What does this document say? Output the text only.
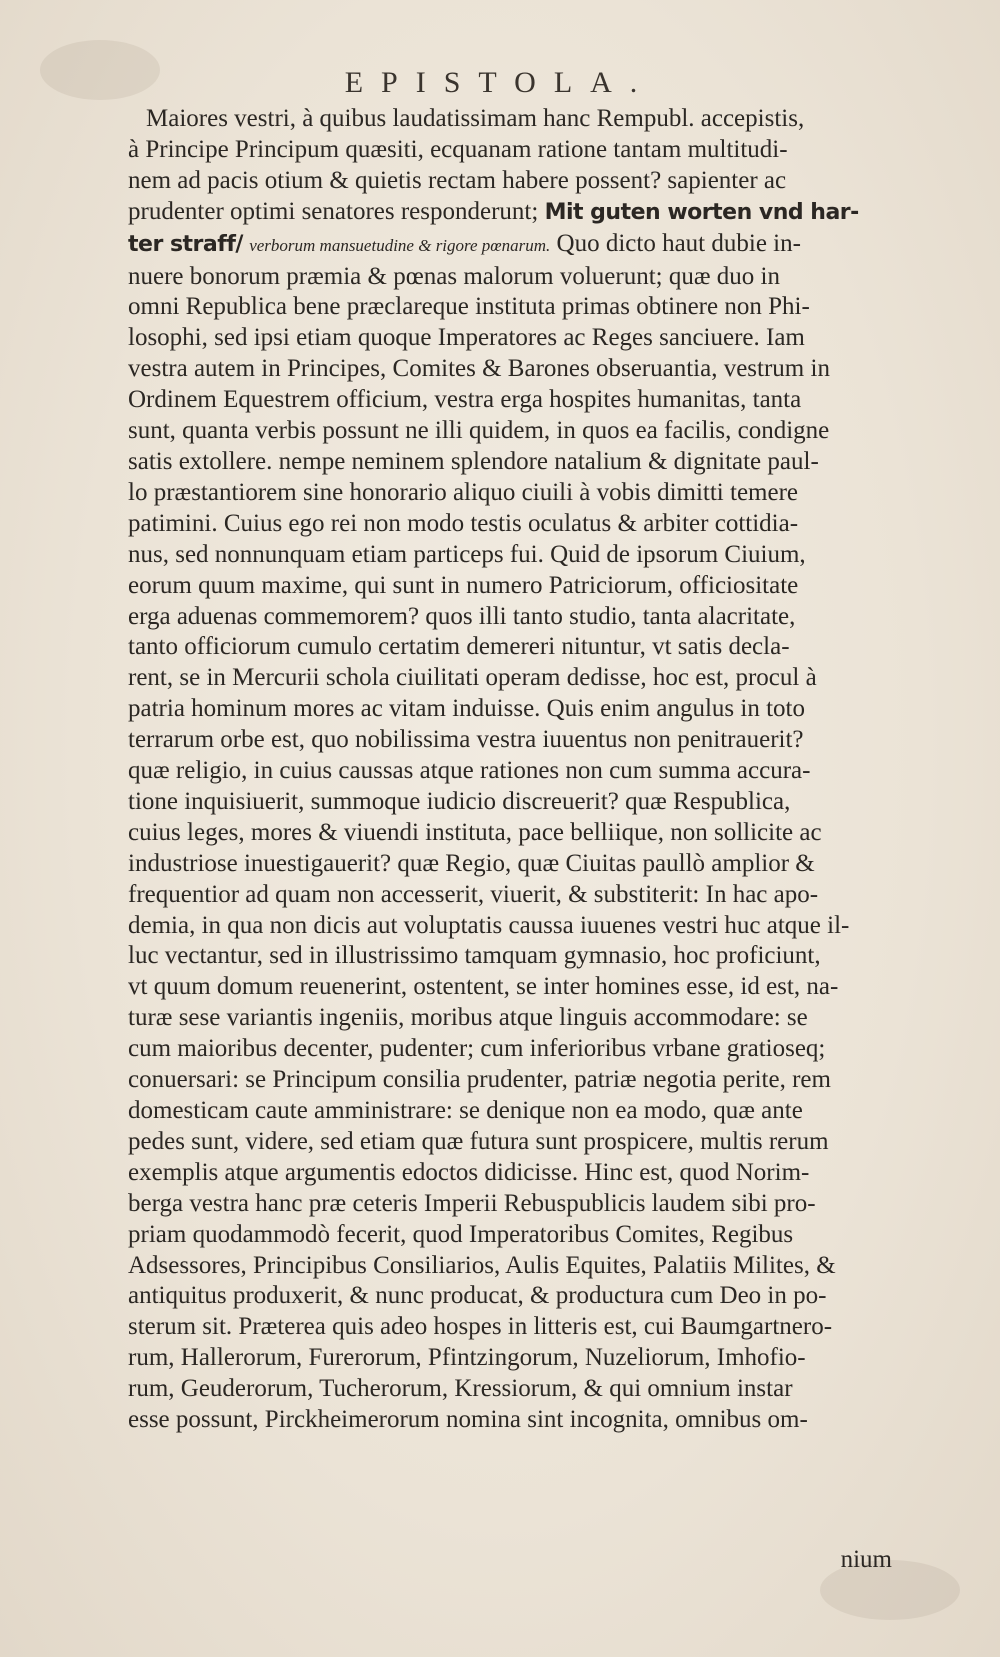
EPISTOLA.
Maiores vestri, à quibus laudatissimam hanc Rempubl. accepistis,
à Principe Principum quæsiti, ecquanam ratione tantam multitudi-
nem ad pacis otium & quietis rectam habere possent? sapienter ac
prudenter optimi senatores responderunt; Mit guten worten vnd har-
ter straff/ verborum mansuetudine & rigore pœnarum. Quo dicto haut dubie in-
nuere bonorum præmia & pœnas malorum voluerunt; quæ duo in
omni Republica bene præclareque instituta primas obtinere non Phi-
losophi, sed ipsi etiam quoque Imperatores ac Reges sanciuere. Iam
vestra autem in Principes, Comites & Barones obseruantia, vestrum in
Ordinem Equestrem officium, vestra erga hospites humanitas, tanta
sunt, quanta verbis possunt ne illi quidem, in quos ea facilis, condigne
satis extollere. nempe neminem splendore natalium & dignitate paul-
lo præstantiorem sine honorario aliquo ciuili à vobis dimitti temere
patimini. Cuius ego rei non modo testis oculatus & arbiter cottidia-
nus, sed nonnunquam etiam particeps fui. Quid de ipsorum Ciuium,
eorum quum maxime, qui sunt in numero Patriciorum, officiositate
erga aduenas commemorem? quos illi tanto studio, tanta alacritate,
tanto officiorum cumulo certatim demereri nituntur, vt satis decla-
rent, se in Mercurii schola ciuilitati operam dedisse, hoc est, procul à
patria hominum mores ac vitam induisse. Quis enim angulus in toto
terrarum orbe est, quo nobilissima vestra iuuentus non penitrauerit?
quæ religio, in cuius caussas atque rationes non cum summa accura-
tione inquisiuerit, summoque iudicio discreuerit? quæ Respublica,
cuius leges, mores & viuendi instituta, pace belliique, non sollicite ac
industriose inuestigauerit? quæ Regio, quæ Ciuitas paullò amplior &
frequentior ad quam non accesserit, viuerit, & substiterit: In hac apo-
demia, in qua non dicis aut voluptatis caussa iuuenes vestri huc atque il-
luc vectantur, sed in illustrissimo tamquam gymnasio, hoc proficiunt,
vt quum domum reuenerint, ostentent, se inter homines esse, id est, na-
turæ sese variantis ingeniis, moribus atque linguis accommodare: se
cum maioribus decenter, pudenter; cum inferioribus vrbane gratioseq;
conuersari: se Principum consilia prudenter, patriæ negotia perite, rem
domesticam caute amministrare: se denique non ea modo, quæ ante
pedes sunt, videre, sed etiam quæ futura sunt prospicere, multis rerum
exemplis atque argumentis edoctos didicisse. Hinc est, quod Norim-
berga vestra hanc præ ceteris Imperii Rebuspublicis laudem sibi pro-
priam quodammodò fecerit, quod Imperatoribus Comites, Regibus
Adsessores, Principibus Consiliarios, Aulis Equites, Palatiis Milites, &
antiquitus produxerit, & nunc producat, & productura cum Deo in po-
sterum sit. Præterea quis adeo hospes in litteris est, cui Baumgartnero-
rum, Hallerorum, Furerorum, Pfintzingorum, Nuzeliorum, Imhofio-
rum, Geuderorum, Tucherorum, Kressiorum, & qui omnium instar
esse possunt, Pirckheimerorum nomina sint incognita, omnibus om-
nium
